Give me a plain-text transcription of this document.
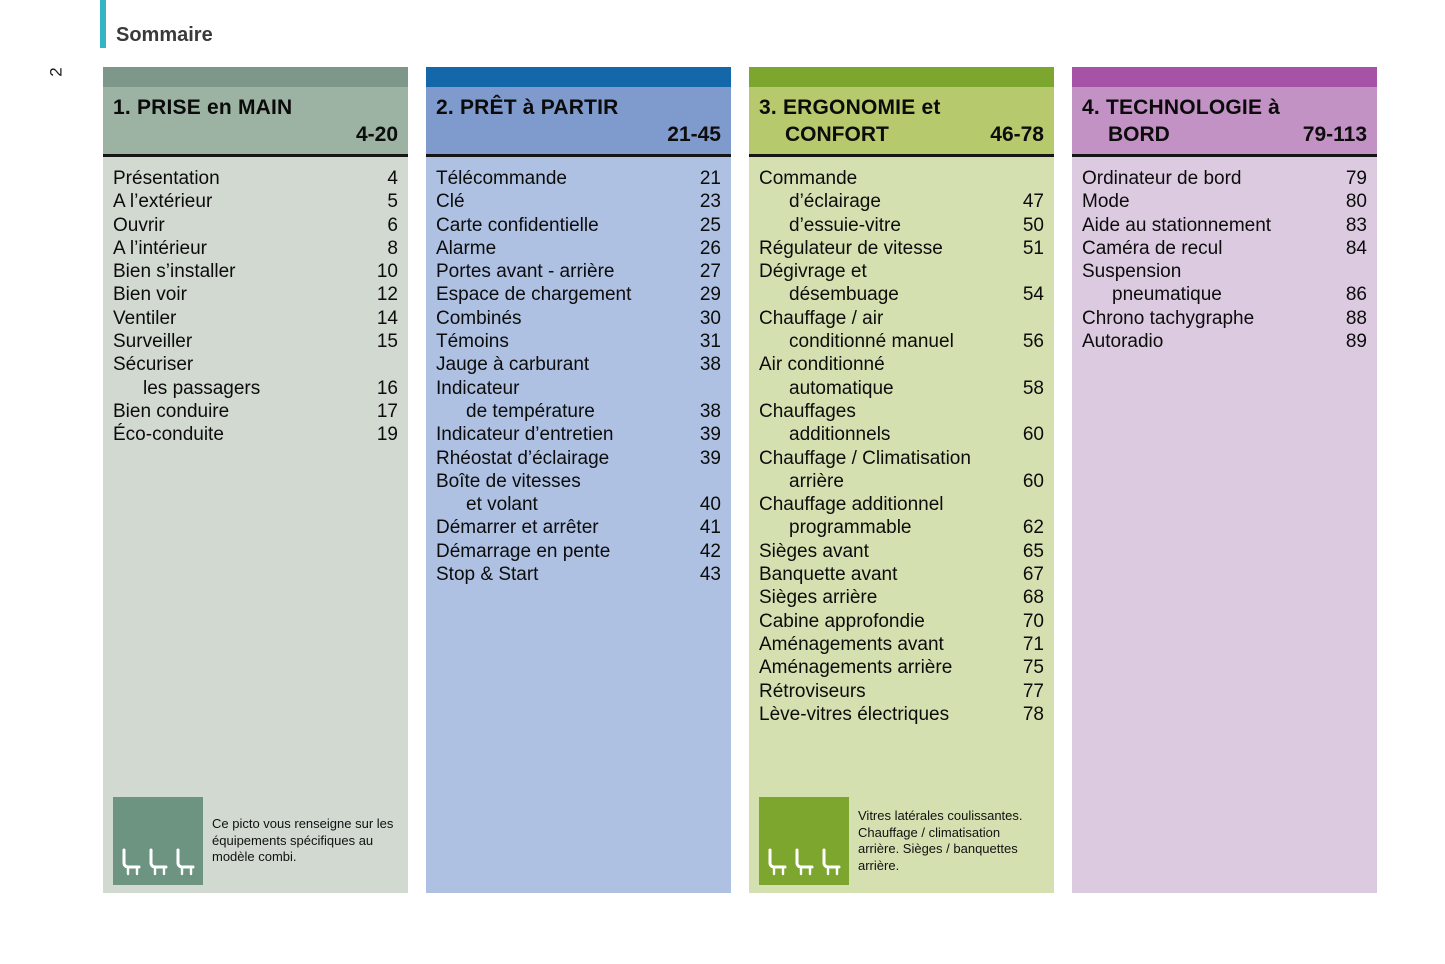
Sommaire
2
1. PRISE en MAIN
4-20
Présentation	4
A l’extérieur	5
Ouvrir	6
A l’intérieur	8
Bien s’installer	10
Bien voir	12
Ventiler	14
Surveiller	15
Sécuriser
les passagers	16
Bien conduire	17
Éco-conduite	19
Ce picto vous renseigne sur les équipements spécifiques au modèle combi.
2. PRÊT à PARTIR
21-45
Télécommande	21
Clé	23
Carte confidentielle	25
Alarme	26
Portes avant - arrière	27
Espace de chargement	29
Combinés	30
Témoins	31
Jauge à carburant	38
Indicateur
de température	38
Indicateur d’entretien	39
Rhéostat d’éclairage	39
Boîte de vitesses
et volant	40
Démarrer et arrêter	41
Démarrage en pente	42
Stop & Start	43
3. ERGONOMIE et
CONFORT	46-78
Commande
d’éclairage	47
d’essuie-vitre	50
Régulateur de vitesse	51
Dégivrage et
désembuage	54
Chauffage / air
conditionné manuel	56
Air conditionné
automatique	58
Chauffages
additionnels	60
Chauffage / Climatisation
arrière	60
Chauffage additionnel
programmable	62
Sièges avant	65
Banquette avant	67
Sièges arrière	68
Cabine approfondie	70
Aménagements avant	71
Aménagements arrière	75
Rétroviseurs	77
Lève-vitres électriques	78
Vitres latérales coulissantes. Chauffage / climatisation arrière. Sièges / banquettes arrière.
4. TECHNOLOGIE à
BORD	79-113
Ordinateur de bord	79
Mode	80
Aide au stationnement	83
Caméra de recul	84
Suspension
pneumatique	86
Chrono tachygraphe	88
Autoradio	89
